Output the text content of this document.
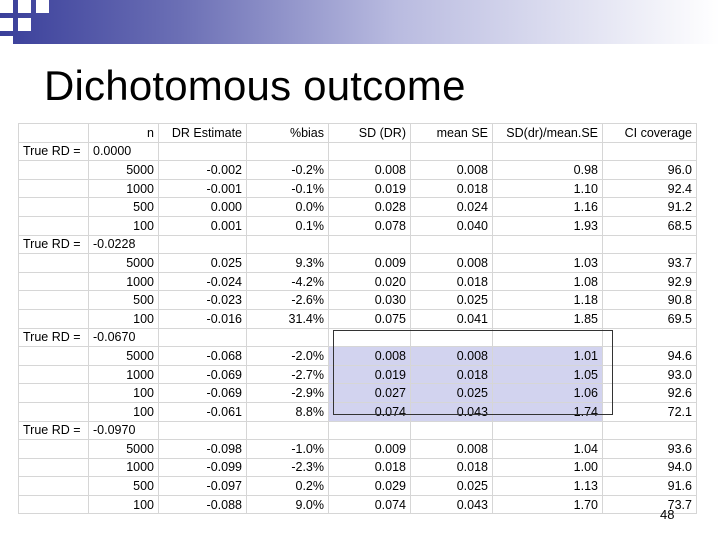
Dichotomous outcome
	n	DR Estimate	%bias	SD (DR)	mean SE	SD(dr)/mean.SE	CI coverage
True RD =	0.0000						
	5000	-0.002	-0.2%	0.008	0.008	0.98	96.0
	1000	-0.001	-0.1%	0.019	0.018	1.10	92.4
	500	0.000	0.0%	0.028	0.024	1.16	91.2
	100	0.001	0.1%	0.078	0.040	1.93	68.5
True RD =	-0.0228						
	5000	0.025	9.3%	0.009	0.008	1.03	93.7
	1000	-0.024	-4.2%	0.020	0.018	1.08	92.9
	500	-0.023	-2.6%	0.030	0.025	1.18	90.8
	100	-0.016	31.4%	0.075	0.041	1.85	69.5
True RD =	-0.0670						
	5000	-0.068	-2.0%	0.008	0.008	1.01	94.6
	1000	-0.069	-2.7%	0.019	0.018	1.05	93.0
	100	-0.069	-2.9%	0.027	0.025	1.06	92.6
	100	-0.061	8.8%	0.074	0.043	1.74	72.1
True RD =	-0.0970						
	5000	-0.098	-1.0%	0.009	0.008	1.04	93.6
	1000	-0.099	-2.3%	0.018	0.018	1.00	94.0
	500	-0.097	0.2%	0.029	0.025	1.13	91.6
	100	-0.088	9.0%	0.074	0.043	1.70	73.7
48
